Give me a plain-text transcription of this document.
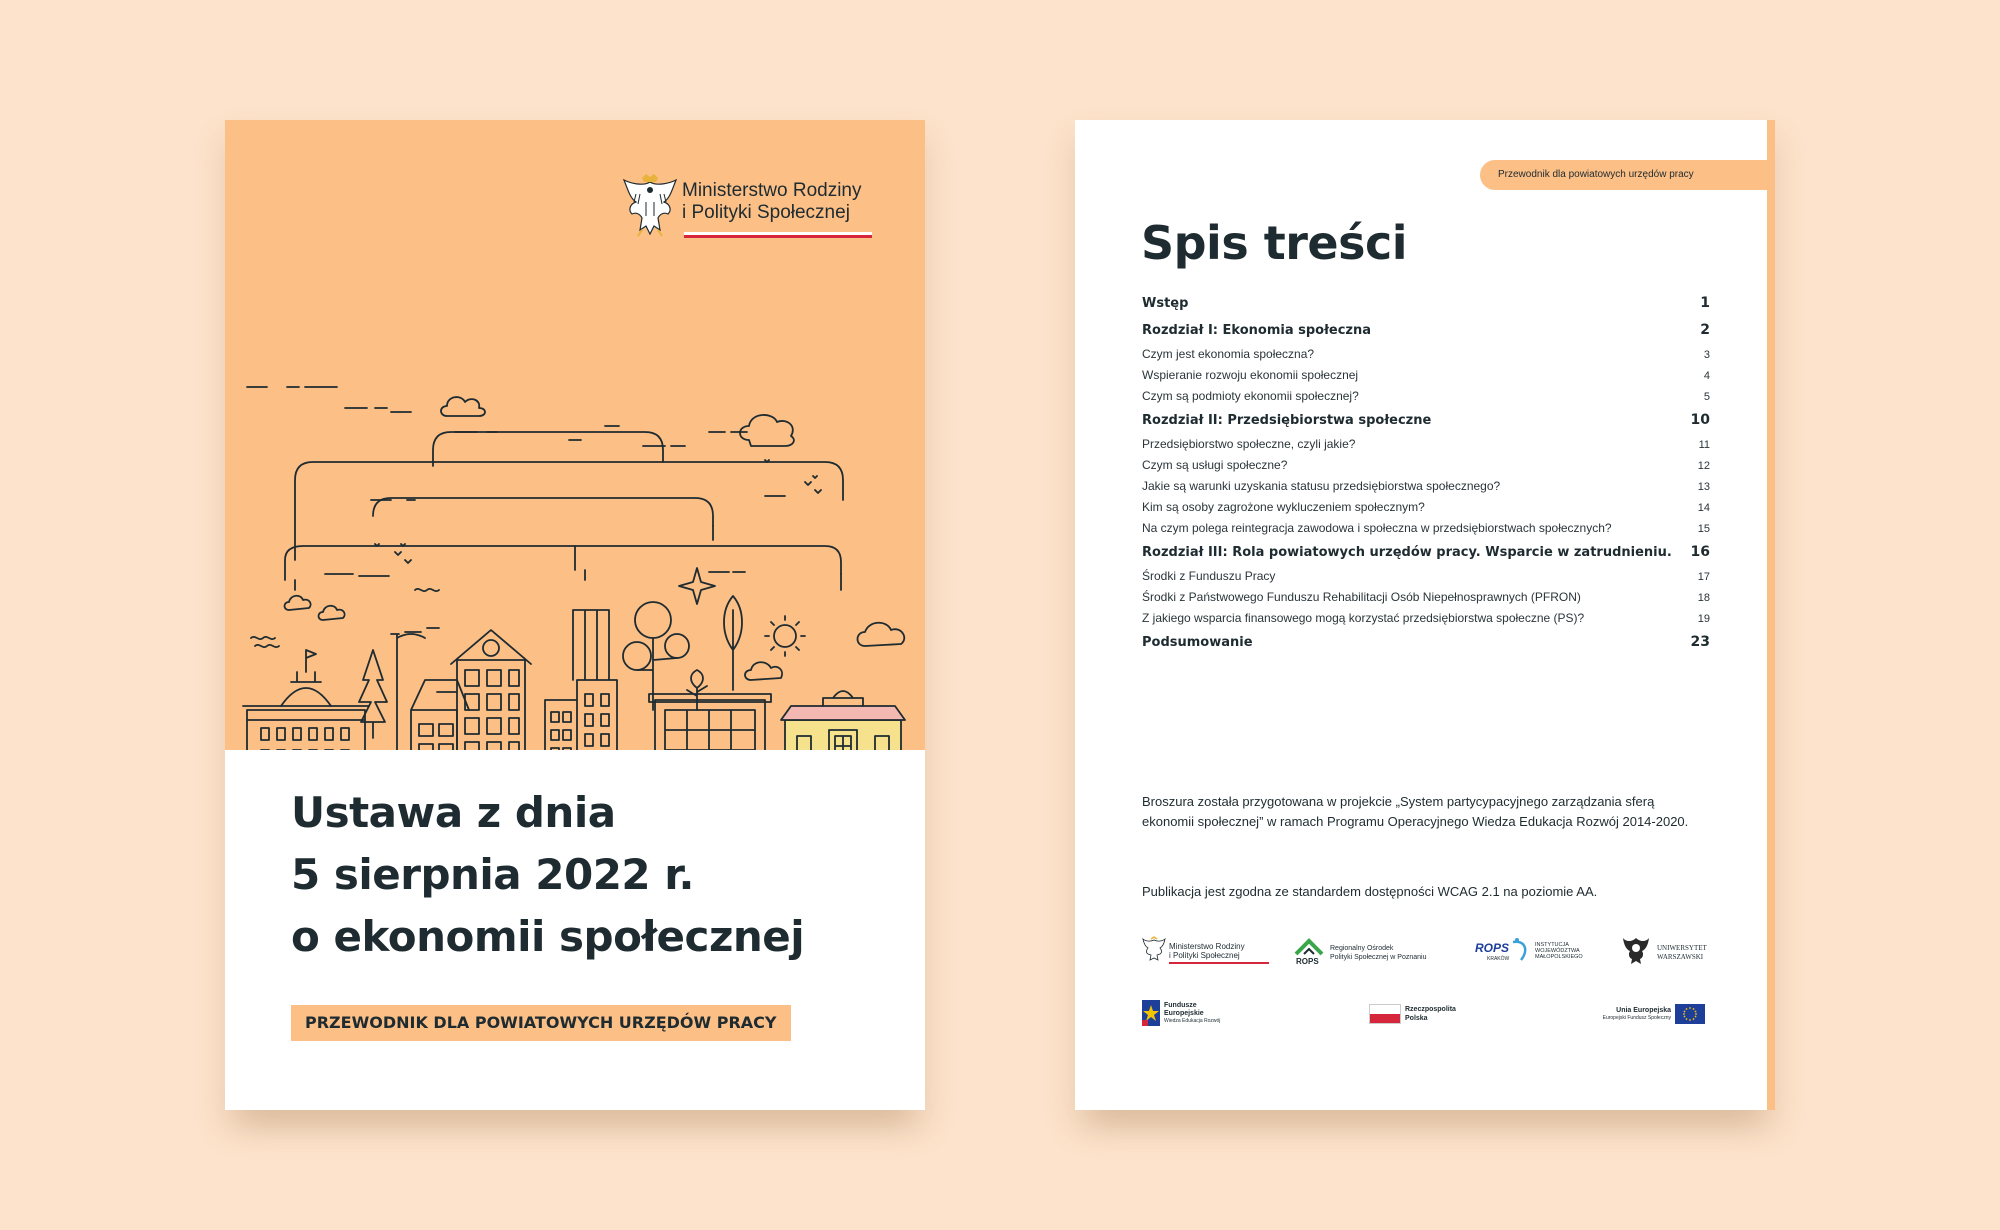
Ministerstwo Rodziny
i Polityki Społecznej
Ustawa z dnia
5 sierpnia 2022 r.
o ekonomii społecznej
PRZEWODNIK DLA POWIATOWYCH URZĘDÓW PRACY
Przewodnik dla powiatowych urzędów pracy
Spis treści
Wstęp	1
Rozdział I: Ekonomia społeczna	2
Czym jest ekonomia społeczna?	3
Wspieranie rozwoju ekonomii społecznej	4
Czym są podmioty ekonomii społecznej?	5
Rozdział II: Przedsiębiorstwa społeczne	10
Przedsiębiorstwo społeczne, czyli jakie?	11
Czym są usługi społeczne?	12
Jakie są warunki uzyskania statusu przedsiębiorstwa społecznego?	13
Kim są osoby zagrożone wykluczeniem społecznym?	14
Na czym polega reintegracja zawodowa i społeczna w przedsiębiorstwach społecznych?	15
Rozdział III: Rola powiatowych urzędów pracy. Wsparcie w zatrudnieniu. 16
Środki z Funduszu Pracy	17
Środki z Państwowego Funduszu Rehabilitacji Osób Niepełnosprawnych (PFRON)	18
Z jakiego wsparcia finansowego mogą korzystać przedsiębiorstwa społeczne (PS)?	19
Podsumowanie	23
Broszura została przygotowana w projekcie „System partycypacyjnego zarządzania sferą ekonomii społecznej” w ramach Programu Operacyjnego Wiedza Edukacja Rozwój 2014-2020.
Publikacja jest zgodna ze standardem dostępności WCAG 2.1 na poziomie AA.
Ministerstwo Rodziny
i Polityki Społecznej
ROPS
Regionalny Ośrodek
Polityki Społecznej w Poznaniu
ROPS
KRAKÓW
INSTYTUCJA
WOJEWÓDZTWA
MAŁOPOLSKIEGO
UNIWERSYTET
WARSZAWSKI
Fundusze
Europejskie
Wiedza Edukacja Rozwój
Rzeczpospolita
Polska
Unia Europejska
Europejski Fundusz Społeczny
